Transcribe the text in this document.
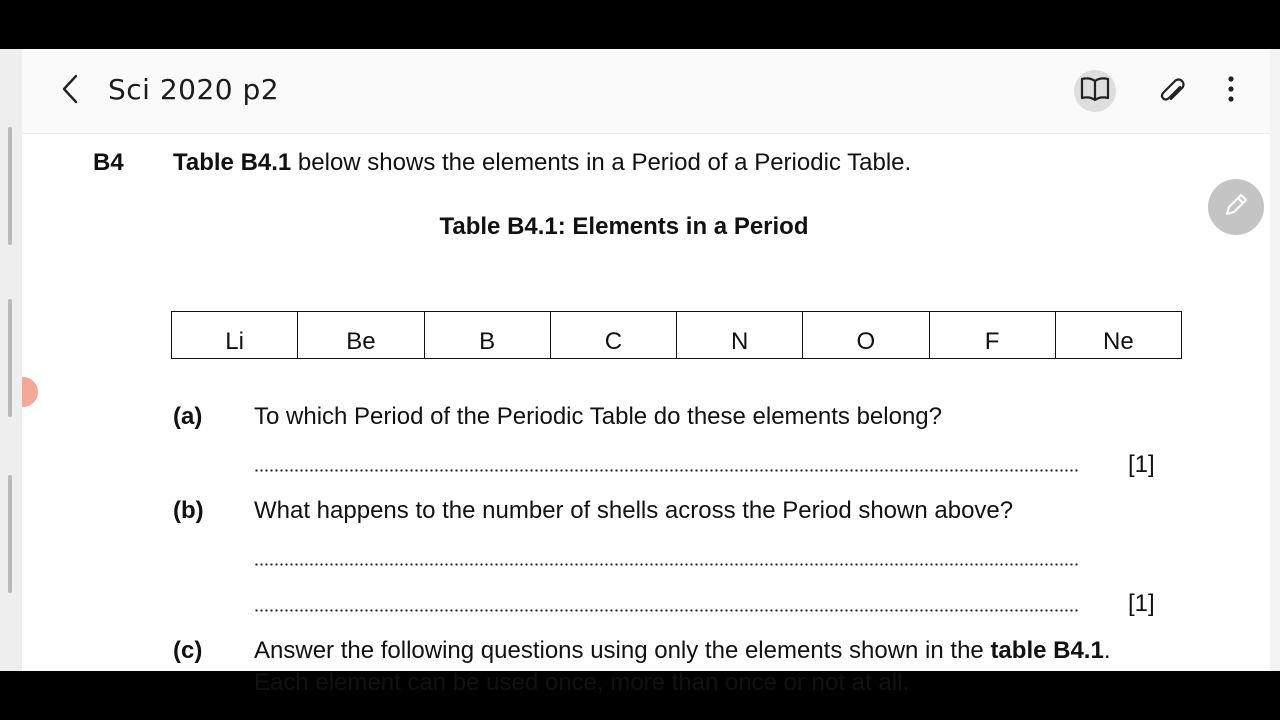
Sci 2020 p2
B4 Table B4.1 below shows the elements in a Period of a Periodic Table.
Table B4.1: Elements in a Period
Li	Be	B	C	N	O	F	Ne
(a) To which Period of the Periodic Table do these elements belong?
[1]
(b) What happens to the number of shells across the Period shown above?
[1]
(c) Answer the following questions using only the elements shown in the table B4.1.
Each element can be used once, more than once or not at all.
